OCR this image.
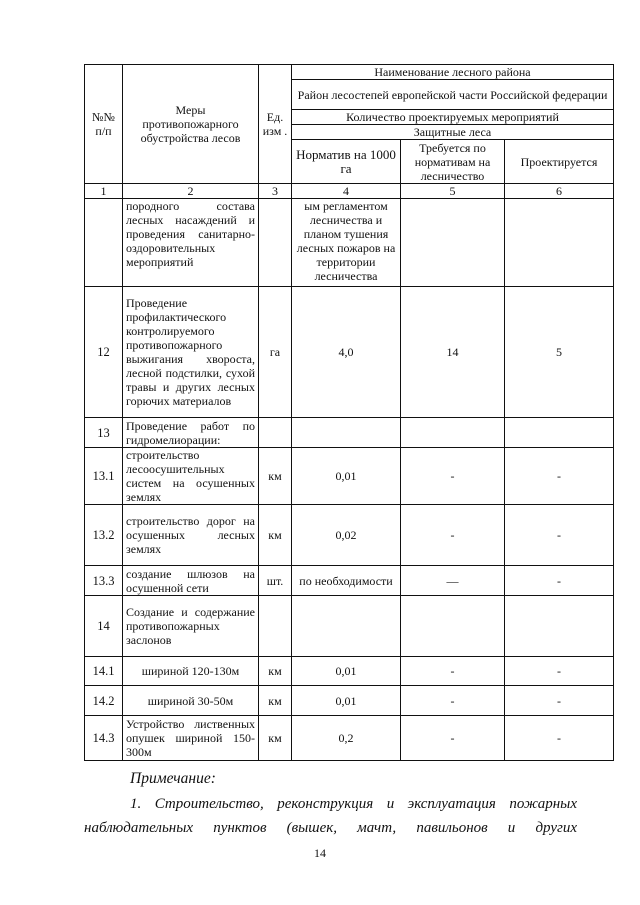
№№ п/п	Меры противопожарного обустройства лесов	Ед. изм .	Наименование лесного района		
			Район лесостепей европейской части Российской федерации		
			Количество проектируемых мероприятий		
			Защитные леса		
			Норматив на 1000 га	Требуется по нормативам на лесничество	Проектируется

1	2	3	4	5	6
	породного состава лесных насаждений и проведения санитарно-оздоровительных мероприятий		ым регламентом лесничества и планом тушения лесных пожаров на территории лесничества		
12	Проведение профилактического контролируемого противопожарного выжигания хвороста, лесной подстилки, сухой травы и других лесных горючих материалов	га	4,0	14	5
13	Проведение работ по гидромелиорации:				
13.1	строительство лесоосушительных систем на осушенных землях	км	0,01	-	-
13.2	строительство дорог на осушенных лесных землях	км	0,02	-	-
13.3	создание шлюзов на осушенной сети	шт.	по необходимости	—	-
14	Создание и содержание противопожарных заслонов				
14.1	шириной 120-130м	км	0,01	-	-
14.2	шириной 30-50м	км	0,01	-	-
14.3	Устройство лиственных опушек шириной 150-300м	км	0,2	-	-
Примечание:
1. Строительство, реконструкция и эксплуатация пожарных
наблюдательных пунктов (вышек, мачт, павильонов и других
14
